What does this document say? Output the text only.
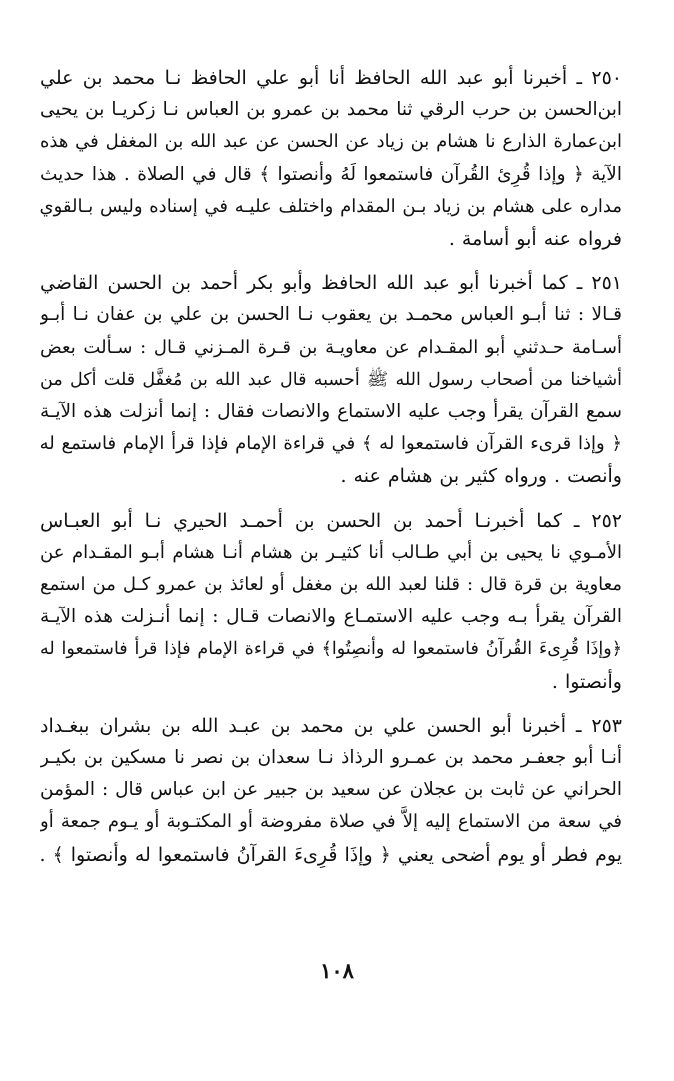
٢٥٠ ـ أخبرنا أبو عبد الله الحافظ أنا أبو علي الحافظ نـا محمد بن علي
ابن‌الحسن بن حرب الرقي ثنا محمد بن عمرو بن العباس نـا زكريـا بن يحيى
ابن‌عمارة الذارع نا هشام بن زياد عن الحسن عن عبد الله بن المغفل في هذه
الآية ﴿ وإذا قُرِئ القُرآن فاستمعوا لَهُ وأنصتوا ﴾ قال في الصلاة . هذا حديث
مداره على هشام بن زياد بـن المقدام واختلف عليـه في إسناده وليس بـالقوي
فرواه عنه أبو أسامة .
٢٥١ ـ كما أخبرنا أبو عبد الله الحافظ وأبو بكر أحمد بن الحسن القاضي
قـالا : ثنا أبـو العباس محمـد بن يعقوب نـا الحسن بن علي بن عفان نـا أبـو
أسـامة حـدثني أبو المقـدام عن معاويـة بن قـرة المـزني قـال : سـألت بعض
أشياخنا من أصحاب رسول الله ﷺ أحسبه قال عبد الله بن مُغفَّل قلت أكل من
سمع القرآن يقرأ وجب عليه الاستماع والانصات فقال : إنما أنزلت هذه الآيـة
﴿ وإذا قرىء القرآن فاستمعوا له ﴾ في قراءة الإمام فإذا قرأ الإمام فاستمع له
وأنصت . ورواه كثير بن هشام عنه .
٢٥٢ ـ كما أخبرنـا أحمد بن الحسن بن أحمـد الحيري نـا أبو العبـاس
الأمـوي نا يحيى بن أبي طـالب أنا كثيـر بن هشام أنـا هشام أبـو المقـدام عن
معاوية بن قرة قال : قلنا لعبد الله بن مغفل أو لعائذ بن عمرو كـل من استمع
القرآن يقرأ بـه وجب عليه الاستمـاع والانصات قـال : إنما أنـزلت هذه الآيـة
﴿وإذَا قُرِىءَ القُرآنُ فاستمعوا له وأنصِتُوا﴾ في قراءة الإمام فإذا قرأ فاستمعوا له
وأنصتوا .
٢٥٣ ـ أخبرنا أبو الحسن علي بن محمد بن عبـد الله بن بشران ببغـداد
أنـا أبو جعفـر محمد بن عمـرو الرذاذ نـا سعدان بن نصر نا مسكين بن بكيـر
الحراني عن ثابت بن عجلان عن سعيد بن جبير عن ابن عباس قال : المؤمن
في سعة من الاستماع إليه إلاَّ في صلاة مفروضة أو المكتـوبة أو يـوم جمعة أو
يوم فطر أو يوم أضحى يعني ﴿ وإذَا قُرِىءَ القرآنُ فاستمعوا له وأنصتوا ﴾ .
١٠٨
